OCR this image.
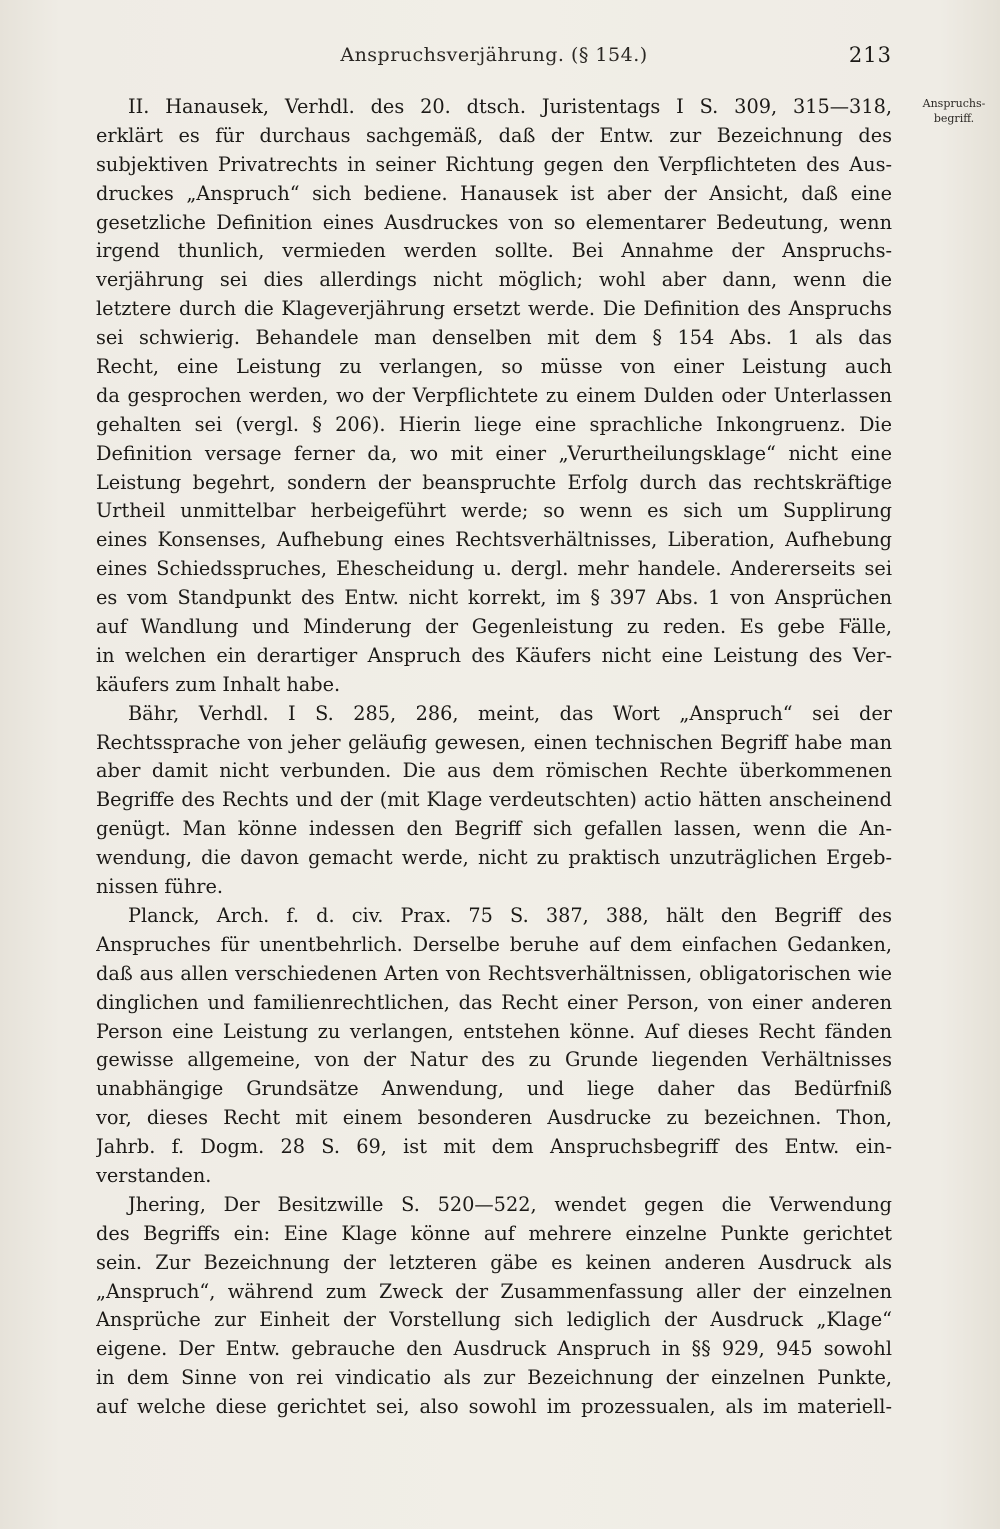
Anspruchsverjährung. (§ 154.)	213
Anspruchs-
begriff.
II. Hanausek, Verhdl. des 20. dtsch. Juristentags I S. 309, 315—318,
erklärt es für durchaus sachgemäß, daß der Entw. zur Bezeichnung des
subjektiven Privatrechts in seiner Richtung gegen den Verpflichteten des Aus-
druckes „Anspruch“ sich bediene. Hanausek ist aber der Ansicht, daß eine
gesetzliche Definition eines Ausdruckes von so elementarer Bedeutung, wenn
irgend thunlich, vermieden werden sollte. Bei Annahme der Anspruchs-
verjährung sei dies allerdings nicht möglich; wohl aber dann, wenn die
letztere durch die Klageverjährung ersetzt werde. Die Definition des Anspruchs
sei schwierig. Behandele man denselben mit dem § 154 Abs. 1 als das
Recht, eine Leistung zu verlangen, so müsse von einer Leistung auch
da gesprochen werden, wo der Verpflichtete zu einem Dulden oder Unterlassen
gehalten sei (vergl. § 206). Hierin liege eine sprachliche Inkongruenz. Die
Definition versage ferner da, wo mit einer „Verurtheilungsklage“ nicht eine
Leistung begehrt, sondern der beanspruchte Erfolg durch das rechtskräftige
Urtheil unmittelbar herbeigeführt werde; so wenn es sich um Supplirung
eines Konsenses, Aufhebung eines Rechtsverhältnisses, Liberation, Aufhebung
eines Schiedsspruches, Ehescheidung u. dergl. mehr handele. Andererseits sei
es vom Standpunkt des Entw. nicht korrekt, im § 397 Abs. 1 von Ansprüchen
auf Wandlung und Minderung der Gegenleistung zu reden. Es gebe Fälle,
in welchen ein derartiger Anspruch des Käufers nicht eine Leistung des Ver-
käufers zum Inhalt habe.
Bähr, Verhdl. I S. 285, 286, meint, das Wort „Anspruch“ sei der
Rechtssprache von jeher geläufig gewesen, einen technischen Begriff habe man
aber damit nicht verbunden. Die aus dem römischen Rechte überkommenen
Begriffe des Rechts und der (mit Klage verdeutschten) actio hätten anscheinend
genügt. Man könne indessen den Begriff sich gefallen lassen, wenn die An-
wendung, die davon gemacht werde, nicht zu praktisch unzuträglichen Ergeb-
nissen führe.
Planck, Arch. f. d. civ. Prax. 75 S. 387, 388, hält den Begriff des
Anspruches für unentbehrlich. Derselbe beruhe auf dem einfachen Gedanken,
daß aus allen verschiedenen Arten von Rechtsverhältnissen, obligatorischen wie
dinglichen und familienrechtlichen, das Recht einer Person, von einer anderen
Person eine Leistung zu verlangen, entstehen könne. Auf dieses Recht fänden
gewisse allgemeine, von der Natur des zu Grunde liegenden Verhältnisses
unabhängige Grundsätze Anwendung, und liege daher das Bedürfniß
vor, dieses Recht mit einem besonderen Ausdrucke zu bezeichnen. Thon,
Jahrb. f. Dogm. 28 S. 69, ist mit dem Anspruchsbegriff des Entw. ein-
verstanden.
Jhering, Der Besitzwille S. 520—522, wendet gegen die Verwendung
des Begriffs ein: Eine Klage könne auf mehrere einzelne Punkte gerichtet
sein. Zur Bezeichnung der letzteren gäbe es keinen anderen Ausdruck als
„Anspruch“, während zum Zweck der Zusammenfassung aller der einzelnen
Ansprüche zur Einheit der Vorstellung sich lediglich der Ausdruck „Klage“
eigene. Der Entw. gebrauche den Ausdruck Anspruch in §§ 929, 945 sowohl
in dem Sinne von rei vindicatio als zur Bezeichnung der einzelnen Punkte,
auf welche diese gerichtet sei, also sowohl im prozessualen, als im materiell-
